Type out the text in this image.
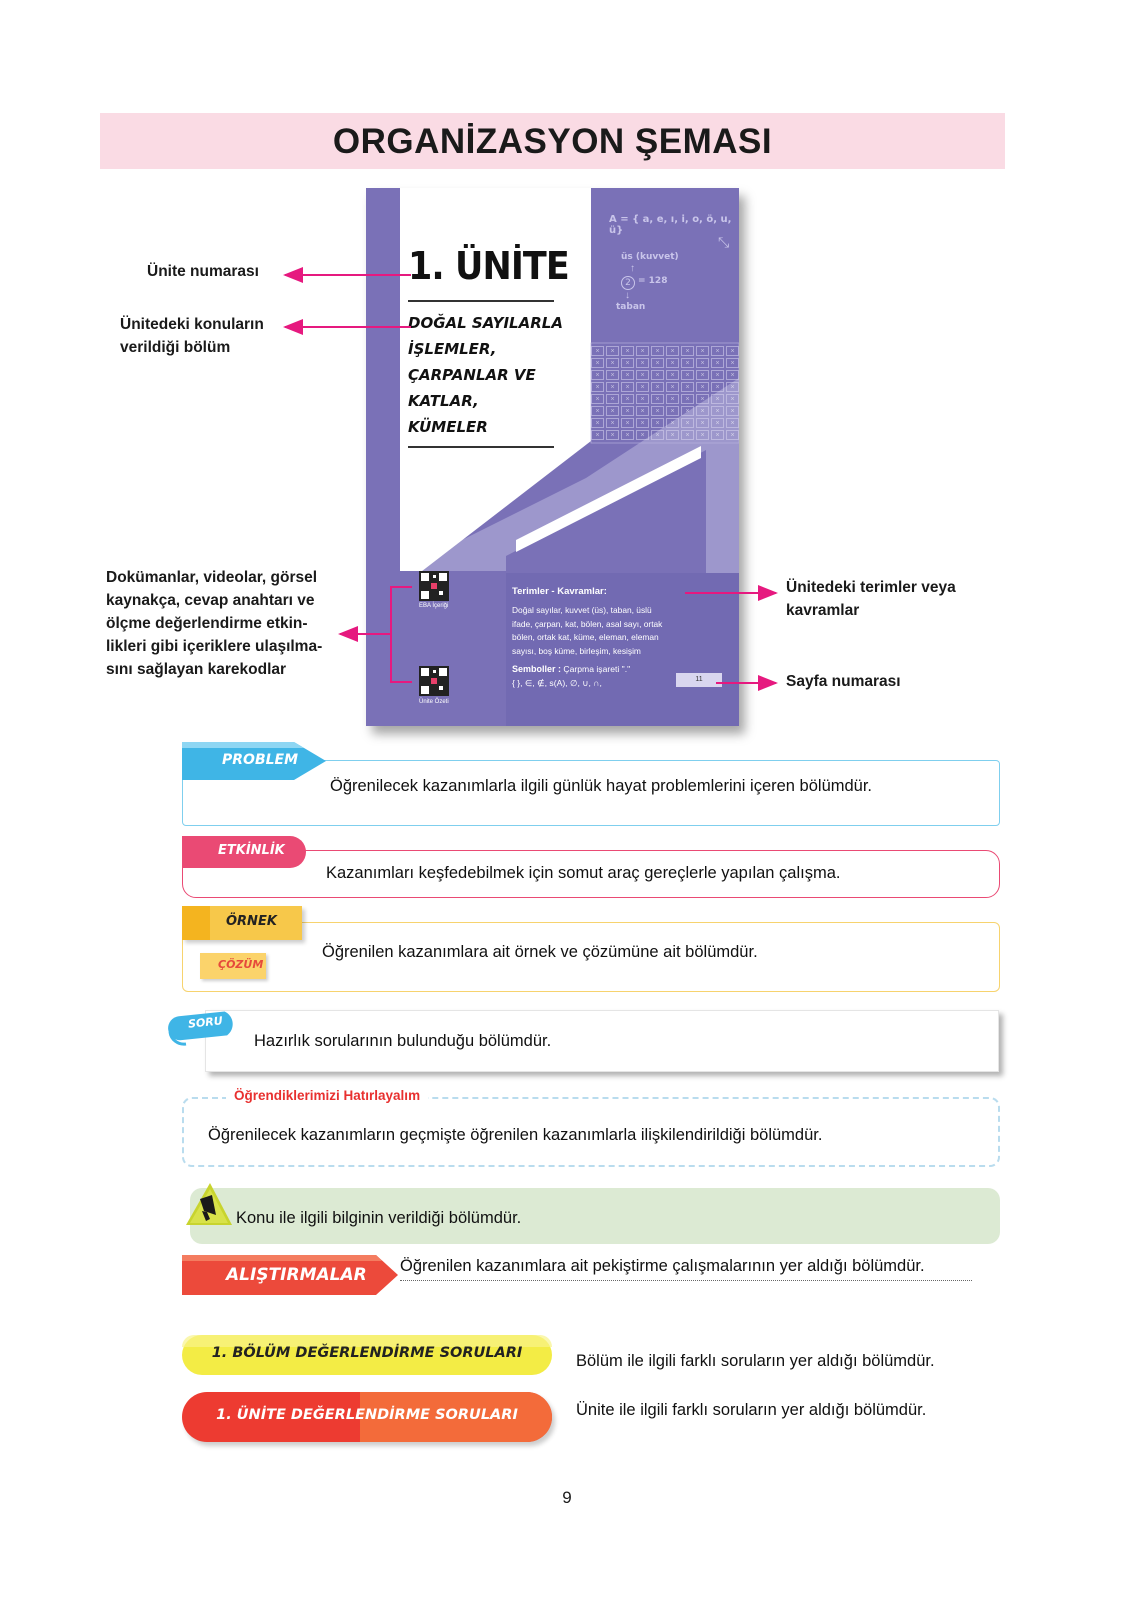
ORGANİZASYON ŞEMASI
Ünite numarası
Ünitedeki konuların
verildiği bölüm
Dokümanlar, videolar, görsel
kaynakça, cevap anahtarı ve
ölçme değerlendirme etkin-
likleri gibi içeriklere ulaşılma-
sını sağlayan karekodlar
Ünitedeki terimler veya
kavramlar
Sayfa numarası
×	×	×	×	×	×	×	×	×	×
×	×	×	×	×	×	×	×	×	×
×	×	×	×	×	×	×	×	×	×
×	×	×	×	×	×	×	×	×	×
×	×	×	×	×	×	×	×	×	×
×	×	×	×	×	×	×	×	×	×
×	×	×	×	×	×	×	×	×	×
×	×	×	×	×	×	×	×	×	×
A = { a, e, ı, i, o, ö, u, ü}
üs (kuvvet)
↑
2 = 128
↓
taban
⤡
1. ÜNİTE
DOĞAL SAYILARLA
İŞLEMLER,
ÇARPANLAR VE
KATLAR,
KÜMELER
EBA İçeriği
Ünite Özeti
Terimler - Kavramlar:
Doğal sayılar, kuvvet (üs), taban, üslü
ifade, çarpan, kat, bölen, asal sayı, ortak
bölen, ortak kat, küme, eleman, eleman
sayısı, boş küme, birleşim, kesişim
Semboller : Çarpma işareti "."
{ }, ∈, ∉, s(A), ∅, ∪, ∩,	11
PROBLEM
Öğrenilecek kazanımlarla ilgili günlük hayat problemlerini içeren bölümdür.
ETKİNLİK
Kazanımları keşfedebilmek için somut araç gereçlerle yapılan çalışma.
ÖRNEK
ÇÖZÜM
Öğrenilen kazanımlara ait örnek ve çözümüne ait bölümdür.
SORU
Hazırlık sorularının bulunduğu bölümdür.
Öğrendiklerimizi Hatırlayalım
Öğrenilecek kazanımların geçmişte öğrenilen kazanımlarla ilişkilendirildiği bölümdür.
Konu ile ilgili bilginin verildiği bölümdür.
ALIŞTIRMALAR Öğrenilen kazanımlara ait pekiştirme çalışmalarının yer aldığı bölümdür.
1. BÖLÜM DEĞERLENDİRME SORULARI	Bölüm ile ilgili farklı soruların yer aldığı bölümdür.
1. ÜNİTE DEĞERLENDİRME SORULARI	Ünite ile ilgili farklı soruların yer aldığı bölümdür.
9
